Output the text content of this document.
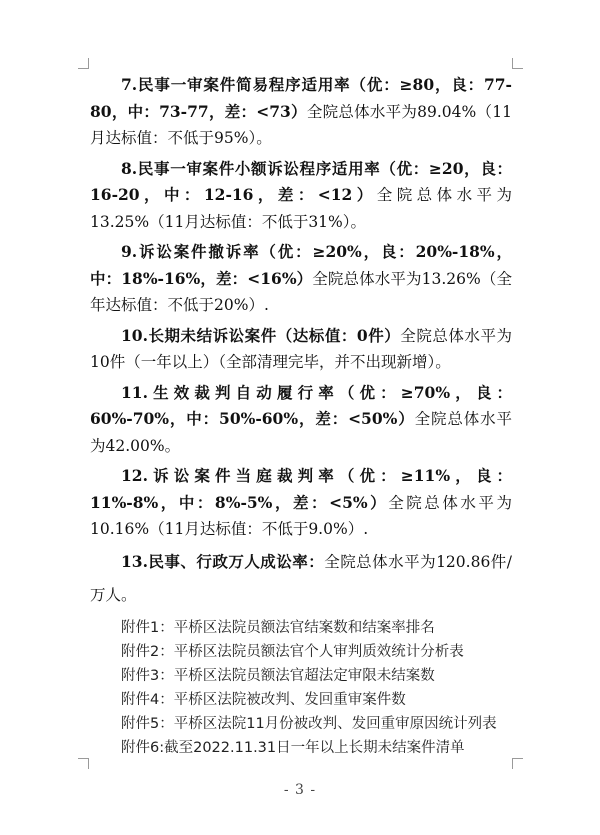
7.民事一审案件简易程序适用率（优：≥80，良：77-80，中：73-77，差：<73）全院总体水平为89.04%（11月达标值：不低于95%）。

8.民事一审案件小额诉讼程序适用率（优：≥20，良：16-20，中：12-16，差：<12）全院总体水平为13.25%（11月达标值：不低于31%）。

9.诉讼案件撤诉率（优：≥20%，良：20%-18%，中：18%-16%，差：<16%）全院总体水平为13.26%（全年达标值：不低于20%）.

10.长期未结诉讼案件（达标值：0件）全院总体水平为10件（一年以上）（全部清理完毕，并不出现新增）。

11.生效裁判自动履行率（优：≥70%，良：60%-70%，中：50%-60%，差：<50%）全院总体水平为42.00%。

12.诉讼案件当庭裁判率（优：≥11%，良：11%-8%，中：8%-5%，差：<5%）全院总体水平为10.16%（11月达标值：不低于9.0%）.

13.民事、行政万人成讼率：全院总体水平为120.86件/万人。

附件1：平桥区法院员额法官结案数和结案率排名

附件2：平桥区法院员额法官个人审判质效统计分析表

附件3：平桥区法院员额法官超法定审限未结案数

附件4：平桥区法院被改判、发回重审案件数

附件5：平桥区法院11月份被改判、发回重审原因统计列表

附件6:截至2022.11.31日一年以上长期未结案件清单

- 3 -
